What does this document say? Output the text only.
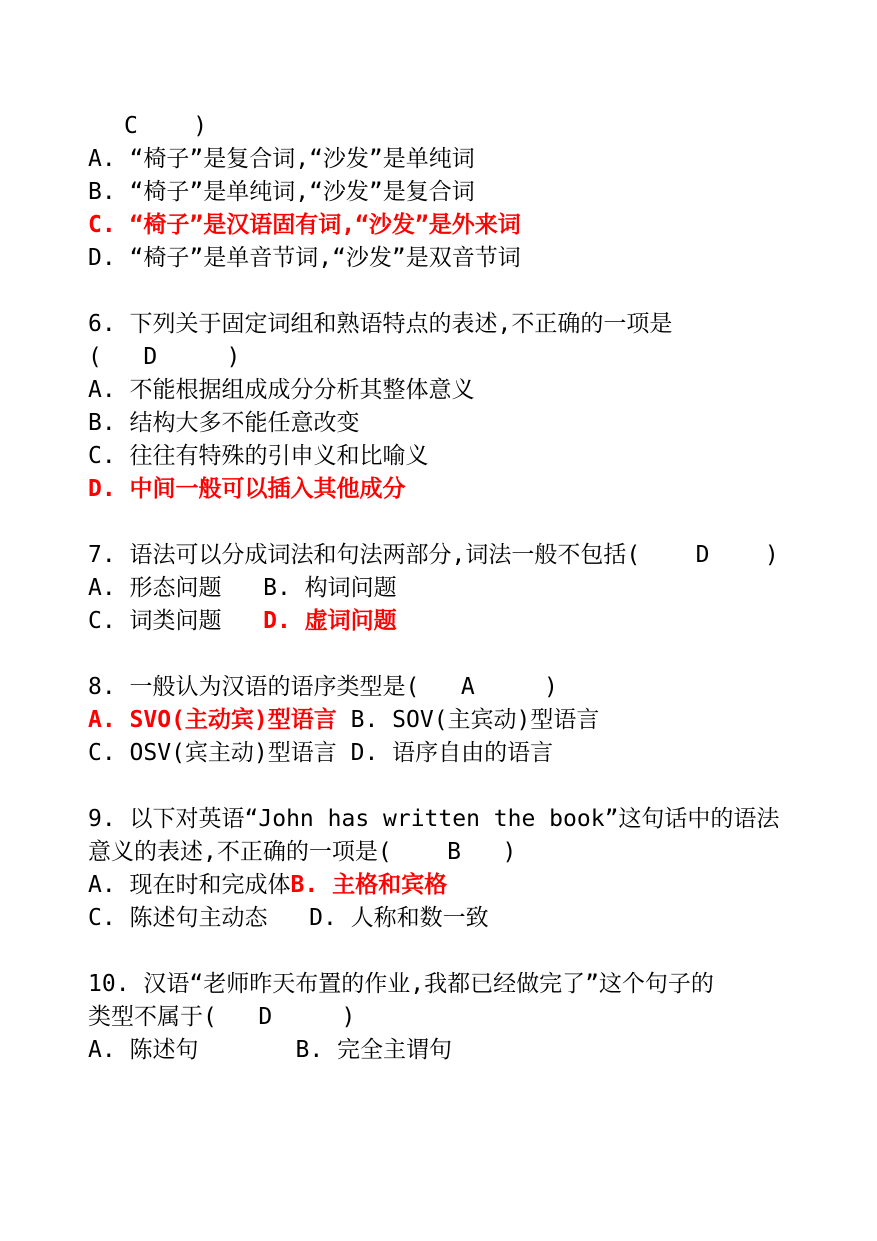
C    )
A. “椅子”是复合词,“沙发”是单纯词
B. “椅子”是单纯词,“沙发”是复合词
C. “椅子”是汉语固有词,“沙发”是外来词
D. “椅子”是单音节词,“沙发”是双音节词
6. 下列关于固定词组和熟语特点的表述,不正确的一项是
(   D     )
A. 不能根据组成成分分析其整体意义
B. 结构大多不能任意改变
C. 往往有特殊的引申义和比喻义
D. 中间一般可以插入其他成分
7. 语法可以分成词法和句法两部分,词法一般不包括(    D    )
A. 形态问题   B. 构词问题
C. 词类问题   D. 虚词问题
8. 一般认为汉语的语序类型是(   A     )
A. SVO(主动宾)型语言 B. SOV(主宾动)型语言
C. OSV(宾主动)型语言 D. 语序自由的语言
9. 以下对英语“John has written the book”这句话中的语法
意义的表述,不正确的一项是(    B   )
A. 现在时和完成体B. 主格和宾格
C. 陈述句主动态   D. 人称和数一致
10. 汉语“老师昨天布置的作业,我都已经做完了”这个句子的
类型不属于(   D     )
A. 陈述句       B. 完全主谓句
